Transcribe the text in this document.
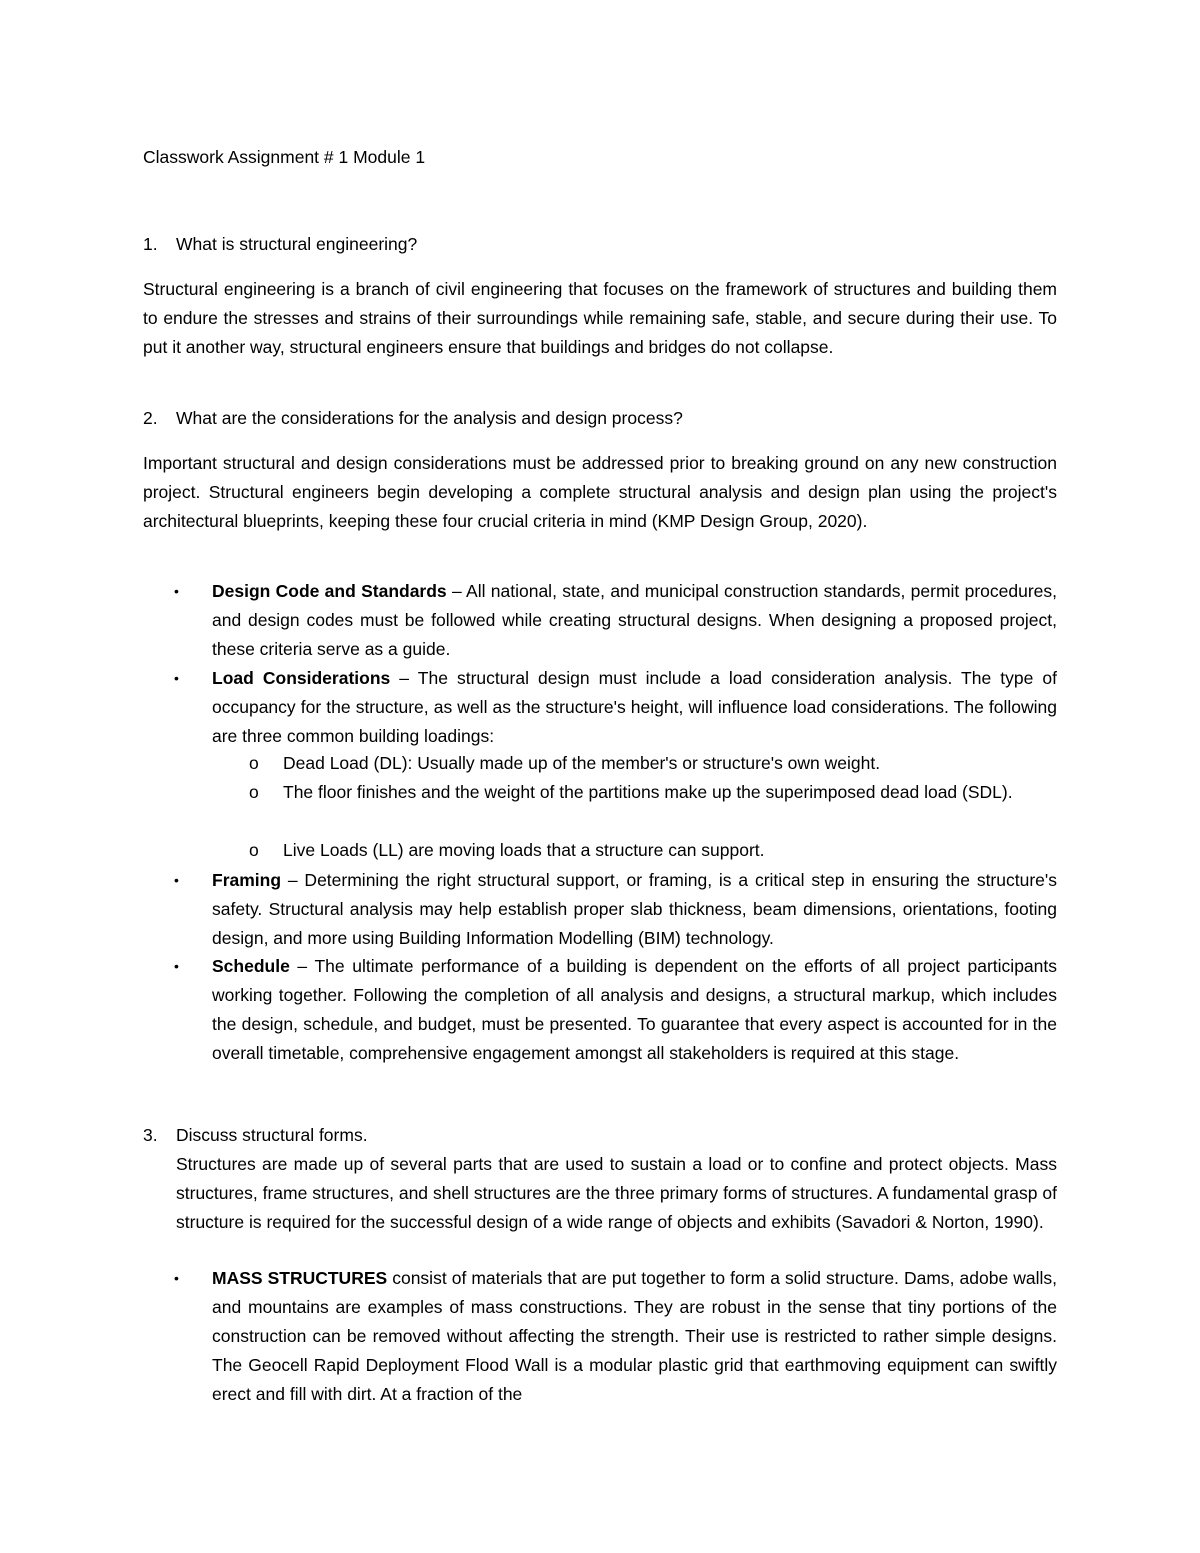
Classwork Assignment # 1 Module 1

1. What is structural engineering?

Structural engineering is a branch of civil engineering that focuses on the framework of structures and building them to endure the stresses and strains of their surroundings while remaining safe, stable, and secure during their use. To put it another way, structural engineers ensure that buildings and bridges do not collapse.

2. What are the considerations for the analysis and design process?

Important structural and design considerations must be addressed prior to breaking ground on any new construction project. Structural engineers begin developing a complete structural analysis and design plan using the project's architectural blueprints, keeping these four crucial criteria in mind (KMP Design Group, 2020).

• Design Code and Standards – All national, state, and municipal construction standards, permit procedures, and design codes must be followed while creating structural designs. When designing a proposed project, these criteria serve as a guide.
• Load Considerations – The structural design must include a load consideration analysis. The type of occupancy for the structure, as well as the structure's height, will influence load considerations. The following are three common building loadings:
o Dead Load (DL): Usually made up of the member's or structure's own weight.
o The floor finishes and the weight of the partitions make up the superimposed dead load (SDL).
o Live Loads (LL) are moving loads that a structure can support.
• Framing – Determining the right structural support, or framing, is a critical step in ensuring the structure's safety. Structural analysis may help establish proper slab thickness, beam dimensions, orientations, footing design, and more using Building Information Modelling (BIM) technology.
• Schedule – The ultimate performance of a building is dependent on the efforts of all project participants working together. Following the completion of all analysis and designs, a structural markup, which includes the design, schedule, and budget, must be presented. To guarantee that every aspect is accounted for in the overall timetable, comprehensive engagement amongst all stakeholders is required at this stage.

3. Discuss structural forms.

Structures are made up of several parts that are used to sustain a load or to confine and protect objects. Mass structures, frame structures, and shell structures are the three primary forms of structures. A fundamental grasp of structure is required for the successful design of a wide range of objects and exhibits (Savadori & Norton, 1990).

• MASS STRUCTURES consist of materials that are put together to form a solid structure. Dams, adobe walls, and mountains are examples of mass constructions. They are robust in the sense that tiny portions of the construction can be removed without affecting the strength. Their use is restricted to rather simple designs. The Geocell Rapid Deployment Flood Wall is a modular plastic grid that earthmoving equipment can swiftly erect and fill with dirt. At a fraction of the
